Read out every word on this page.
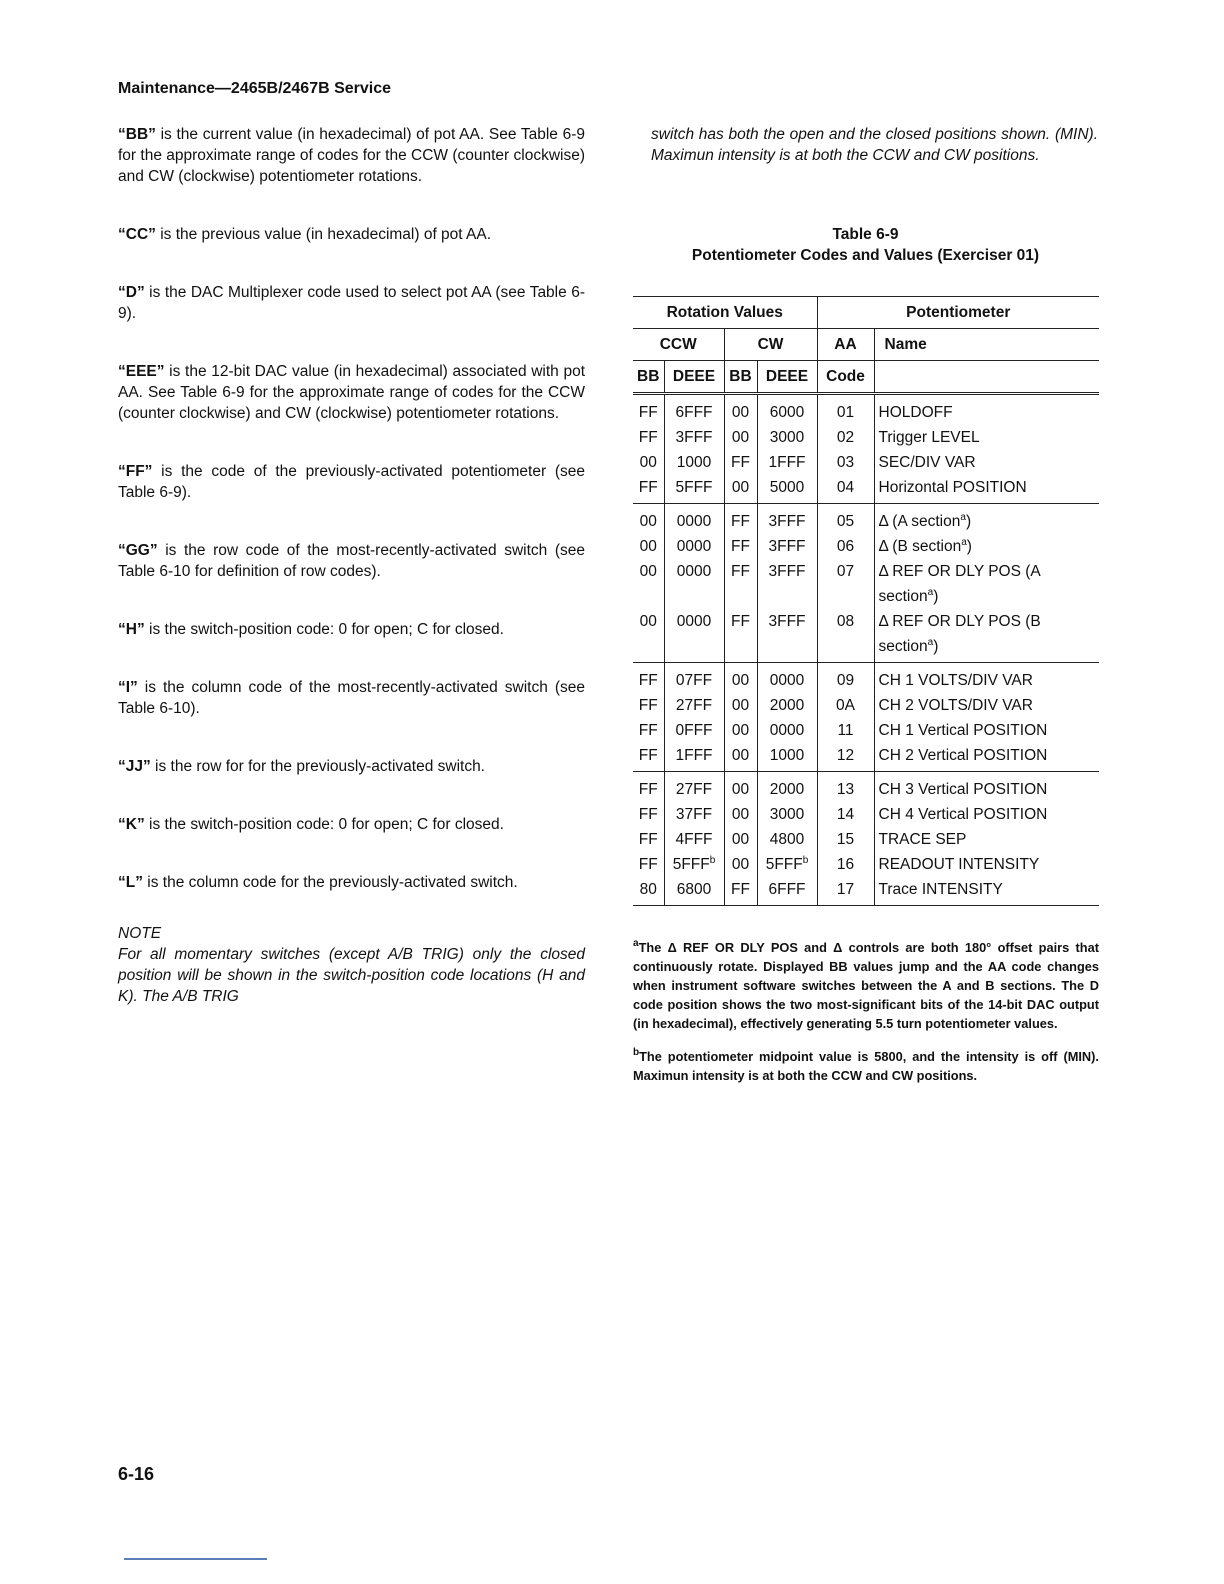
Maintenance—2465B/2467B Service

“BB” is the current value (in hexadecimal) of pot AA. See Table 6-9 for the approximate range of codes for the CCW (counter clockwise) and CW (clockwise) potentiometer rotations.

“CC” is the previous value (in hexadecimal) of pot AA.

“D” is the DAC Multiplexer code used to select pot AA (see Table 6-9).

“EEE” is the 12-bit DAC value (in hexadecimal) associated with pot AA. See Table 6-9 for the approximate range of codes for the CCW (counter clockwise) and CW (clockwise) potentiometer rotations.

“FF” is the code of the previously-activated potentiometer (see Table 6-9).

“GG” is the row code of the most-recently-activated switch (see Table 6-10 for definition of row codes).

“H” is the switch-position code: 0 for open; C for closed.

“I” is the column code of the most-recently-activated switch (see Table 6-10).

“JJ” is the row for for the previously-activated switch.

“K” is the switch-position code: 0 for open; C for closed.

“L” is the column code for the previously-activated switch.

NOTE

For all momentary switches (except A/B TRIG) only the closed position will be shown in the switch-position code locations (H and K). The A/B TRIG

switch has both the open and the closed positions shown. (MIN). Maximun intensity is at both the CCW and CW positions.

Table 6-9
Potentiometer Codes and Values (Exerciser 01)
Rotation Values				Potentiometer	
CCW		CW		AA	Name
BB	DEEE	BB	DEEE	Code	
FF	6FFF	00	6000	01	HOLDOFF
FF	3FFF	00	3000	02	Trigger LEVEL
00	1000	FF	1FFF	03	SEC/DIV VAR
FF	5FFF	00	5000	04	Horizontal POSITION
00	0000	FF	3FFF	05	Δ (A section$^a$)
00	0000	FF	3FFF	06	Δ (B section$^a$)
00	0000	FF	3FFF	07	Δ REF OR DLY POS (A section$^a$)
00	0000	FF	3FFF	08	Δ REF OR DLY POS (B section$^a$)
FF	07FF	00	0000	09	CH 1 VOLTS/DIV VAR
FF	27FF	00	2000	0A	CH 2 VOLTS/DIV VAR
FF	0FFF	00	0000	11	CH 1 Vertical POSITION
FF	1FFF	00	1000	12	CH 2 Vertical POSITION
FF	27FF	00	2000	13	CH 3 Vertical POSITION
FF	37FF	00	3000	14	CH 4 Vertical POSITION
FF	4FFF	00	4800	15	TRACE SEP
FF	5FFF$^b$	00	5FFF$^b$	16	READOUT INTENSITY
80	6800	FF	6FFF	17	Trace INTENSITY

$^a$The Δ REF OR DLY POS and Δ controls are both 180° offset pairs that continuously rotate. Displayed BB values jump and the AA code changes when instrument software switches between the A and B sections. The D code position shows the two most-significant bits of the 14-bit DAC output (in hexadecimal), effectively generating 5.5 turn potentiometer values.

$^b$The potentiometer midpoint value is 5800, and the intensity is off (MIN). Maximun intensity is at both the CCW and CW positions.

6-16
